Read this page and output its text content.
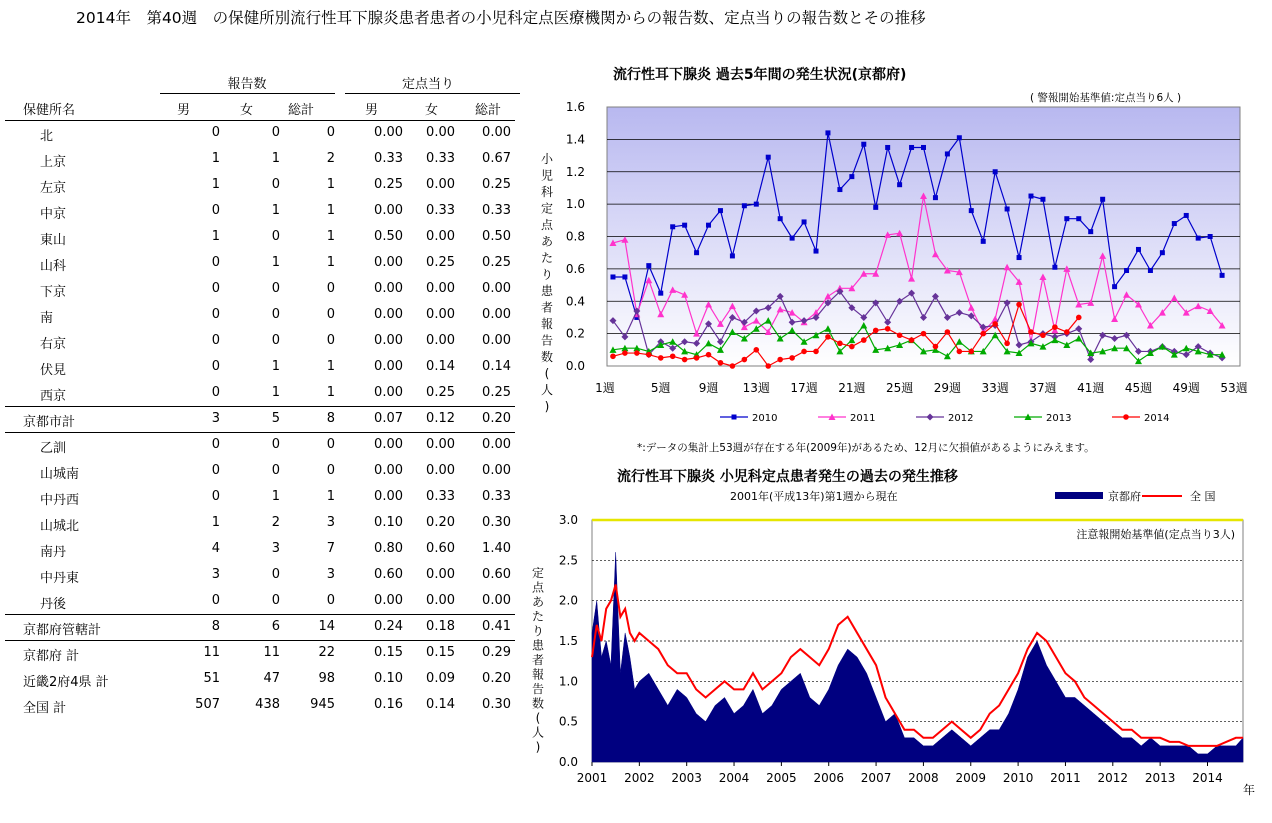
2014年　第40週　の保健所別流行性耳下腺炎患者患者の小児科定点医療機関からの報告数、定点当りの報告数とその推移
報告数	定点当り
保健所名	男	女	総計	男	女	総計
北	0	0	0	0.00	0.00	0.00
上京	1	1	2	0.33	0.33	0.67
左京	1	0	1	0.25	0.00	0.25
中京	0	1	1	0.00	0.33	0.33
東山	1	0	1	0.50	0.00	0.50
山科	0	1	1	0.00	0.25	0.25
下京	0	0	0	0.00	0.00	0.00
南	0	0	0	0.00	0.00	0.00
右京	0	0	0	0.00	0.00	0.00
伏見	0	1	1	0.00	0.14	0.14
西京	0	1	1	0.00	0.25	0.25
京都市計	3	5	8	0.07	0.12	0.20
乙訓	0	0	0	0.00	0.00	0.00
山城南	0	0	0	0.00	0.00	0.00
中丹西	0	1	1	0.00	0.33	0.33
山城北	1	2	3	0.10	0.20	0.30
南丹	4	3	7	0.80	0.60	1.40
中丹東	3	0	3	0.60	0.00	0.60
丹後	0	0	0	0.00	0.00	0.00
京都府管轄計	8	6	14	0.24	0.18	0.41
京都府 計	11	11	22	0.15	0.15	0.29
近畿2府4県 計	51	47	98	0.10	0.09	0.20
全国 計	507	438	945	0.16	0.14	0.30
流行性耳下腺炎 過去5年間の発生状況(京都府)
( 警報開始基準値:定点当り6人 )
0.0
0.2
0.4
0.6
0.8
1.0
1.2
1.4
1.6
小
児
科
定
点
あ
た
り
患
者
報
告
数
(
人
)
1週	5週 9週 13週 17週 21週 25週 29週 33週 37週 41週 45週 49週 53週
2010	2011	2012	2013	2014
*:データの集計上53週が存在する年(2009年)があるため、12月に欠損値があるようにみえます。
流行性耳下腺炎 小児科定点患者発生の過去の発生推移
2001年(平成13年)第1週から現在	京都府	全 国
0.0
0.5
1.0
1.5
2.0
2.5
3.0
定
点
あ
た
り
患
者
報
告
数
(
人
)
2001 2002 2003 2004 2005 2006 2007 2008 2009 2010 2011 2012 2013 2014
年
注意報開始基準値(定点当り3人)
